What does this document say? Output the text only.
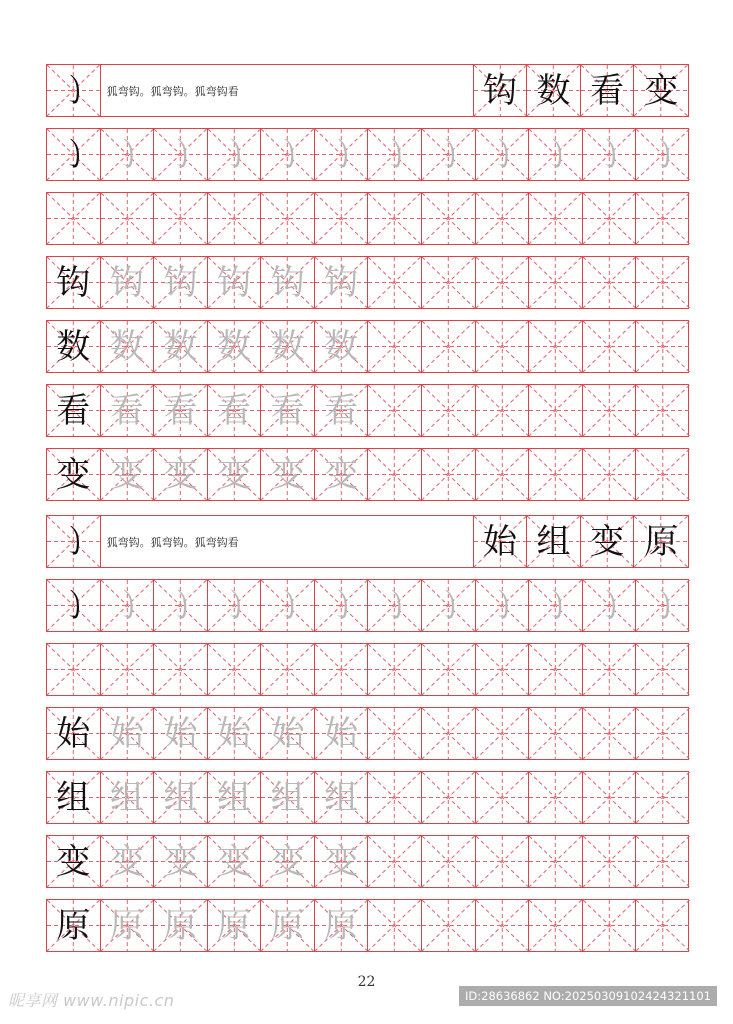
㇁	狐弯钩。狐弯钩。狐弯钩看	钩 数 看 变
㇁ ㇁ ㇁ ㇁ ㇁ ㇁ ㇁ ㇁ ㇁ ㇁ ㇁ ㇁
钩 钩 钩 钩 钩 钩
数 数 数 数 数 数
看 看 看 看 看 看
变 变 变 变 变 变
㇁	狐弯钩。狐弯钩。狐弯钩看	始 组 变 原
㇁ ㇁ ㇁ ㇁ ㇁ ㇁ ㇁ ㇁ ㇁ ㇁ ㇁ ㇁
始 始 始 始 始 始
组 组 组 组 组 组
变 变 变 变 变 变
原 原 原 原 原 原
22
昵享网 www.nipic.cn	ID:28636862 NO:20250309102424321101
